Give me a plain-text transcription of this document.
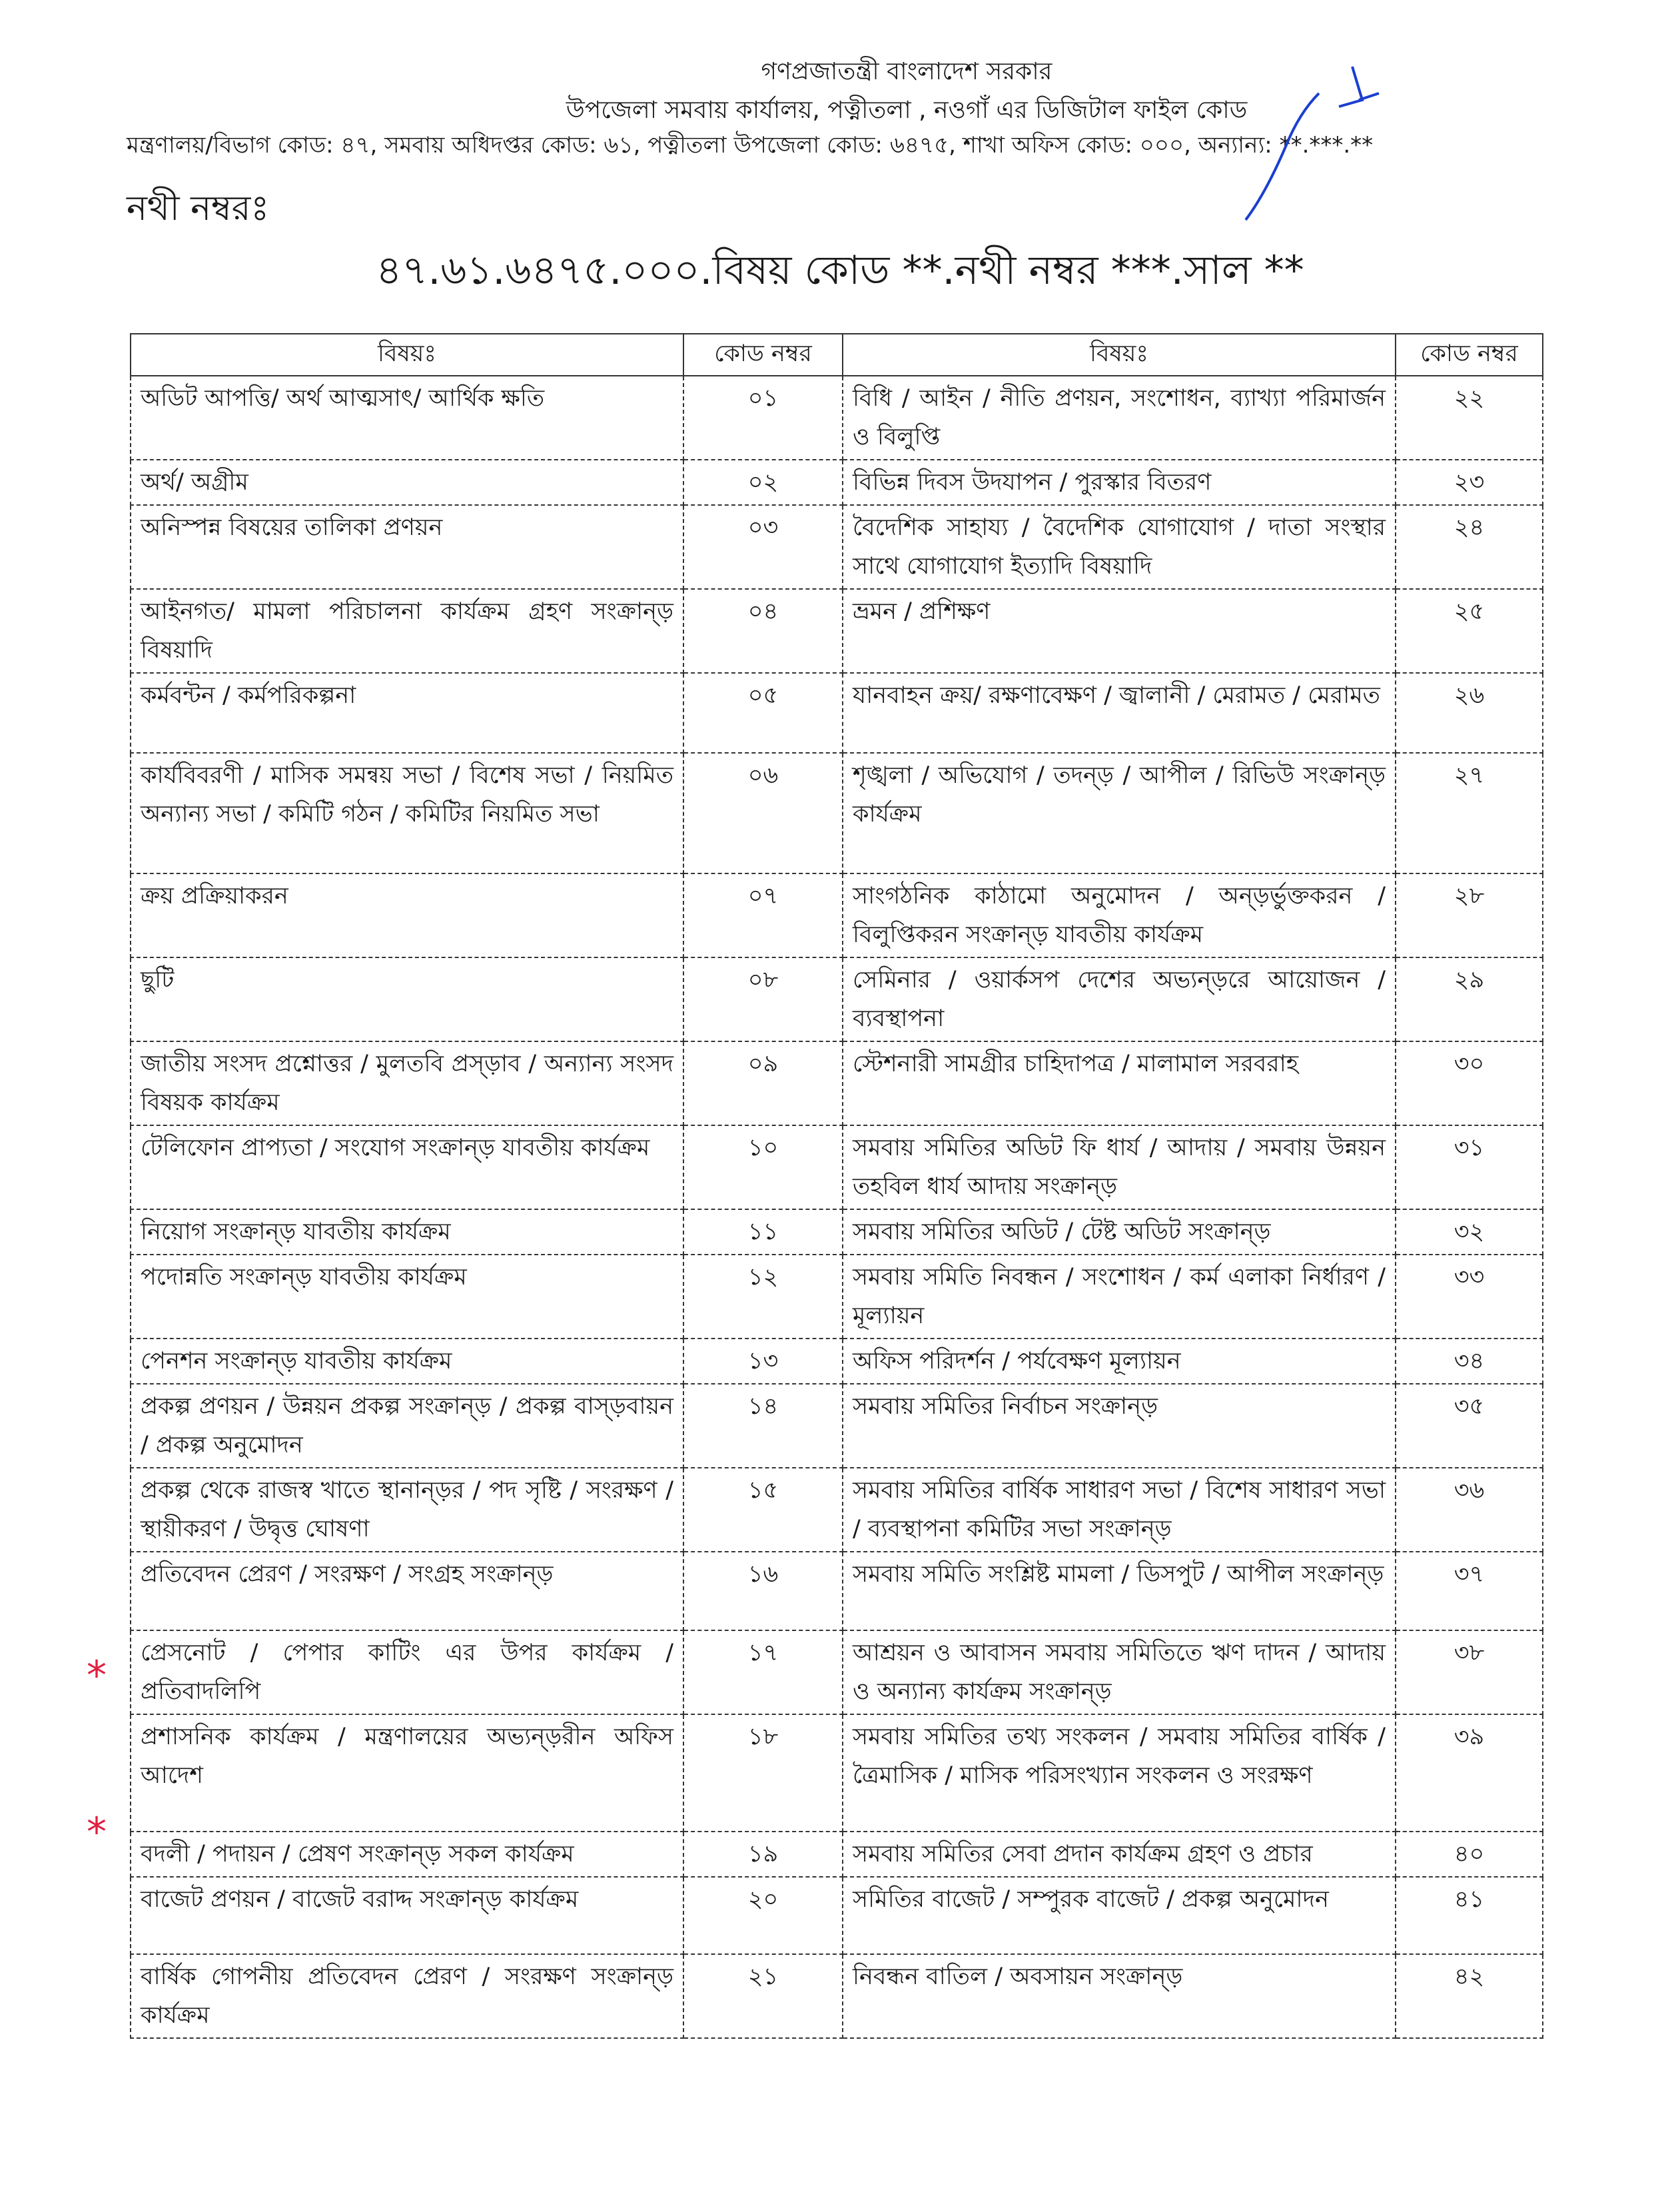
গণপ্রজাতন্ত্রী বাংলাদেশ সরকার
উপজেলা সমবায় কার্যালয়, পত্নীতলা , নওগাঁ এর ডিজিটাল ফাইল কোড
মন্ত্রণালয়/বিভাগ কোড: ৪৭, সমবায় অধিদপ্তর কোড: ৬১, পত্নীতলা উপজেলা কোড: ৬৪৭৫, শাখা অফিস কোড: ০০০, অন্যান্য: **.***.**
নথী নম্বরঃ
৪৭.৬১.৬৪৭৫.০০০.বিষয় কোড **.নথী নম্বর ***.সাল **
বিষয়ঃ	কোড নম্বর	বিষয়ঃ	কোড নম্বর
অডিট আপত্তি/ অর্থ আত্মসাৎ/ আর্থিক ক্ষতি	০১	বিধি / আইন / নীতি প্রণয়ন, সংশোধন, ব্যাখ্যা পরিমার্জন ও বিলুপ্তি	২২
অর্থ/ অগ্রীম	০২	বিভিন্ন দিবস উদযাপন / পুরস্কার বিতরণ	২৩
অনিস্পন্ন বিষয়ের তালিকা প্রণয়ন	০৩	বৈদেশিক সাহায্য / বৈদেশিক যোগাযোগ / দাতা সংস্থার সাথে যোগাযোগ ইত্যাদি বিষয়াদি	২৪
আইনগত/ মামলা পরিচালনা কার্যক্রম গ্রহণ সংক্রান্ড় বিষয়াদি	০৪	ভ্রমন / প্রশিক্ষণ	২৫
কর্মবন্টন / কর্মপরিকল্পনা	০৫	যানবাহন ক্রয়/ রক্ষণাবেক্ষণ / জ্বালানী / মেরামত / মেরামত	২৬
কার্যবিবরণী / মাসিক সমন্বয় সভা / বিশেষ সভা / নিয়মিত অন্যান্য সভা / কমিটি গঠন / কমিটির নিয়মিত সভা	০৬	শৃঙ্খলা / অভিযোগ / তদন্ড় / আপীল / রিভিউ সংক্রান্ড় কার্যক্রম	২৭
ক্রয় প্রক্রিয়াকরন	০৭	সাংগঠনিক কাঠামো অনুমোদন / অন্ড়র্ভুক্তকরন / বিলুপ্তিকরন সংক্রান্ড় যাবতীয় কার্যক্রম	২৮
ছুটি	০৮	সেমিনার / ওয়ার্কসপ দেশের অভ্যন্ড়রে আয়োজন / ব্যবস্থাপনা	২৯
জাতীয় সংসদ প্রশ্নোত্তর / মুলতবি প্রস্ড়াব / অন্যান্য সংসদ বিষয়ক কার্যক্রম	০৯	স্টেশনারী সামগ্রীর চাহিদাপত্র / মালামাল সরবরাহ	৩০
টেলিফোন প্রাপ্যতা / সংযোগ সংক্রান্ড় যাবতীয় কার্যক্রম	১০	সমবায় সমিতির অডিট ফি ধার্য / আদায় / সমবায় উন্নয়ন তহবিল ধার্য আদায় সংক্রান্ড়	৩১
নিয়োগ সংক্রান্ড় যাবতীয় কার্যক্রম	১১	সমবায় সমিতির অডিট / টেষ্ট অডিট সংক্রান্ড়	৩২
পদোন্নতি সংক্রান্ড় যাবতীয় কার্যক্রম	১২	সমবায় সমিতি নিবন্ধন / সংশোধন / কর্ম এলাকা নির্ধারণ / মূল্যায়ন	৩৩
পেনশন সংক্রান্ড় যাবতীয় কার্যক্রম	১৩	অফিস পরিদর্শন / পর্যবেক্ষণ মূল্যায়ন	৩৪
প্রকল্প প্রণয়ন / উন্নয়ন প্রকল্প সংক্রান্ড় / প্রকল্প বাস্ড়বায়ন / প্রকল্প অনুমোদন	১৪	সমবায় সমিতির নির্বাচন সংক্রান্ড়	৩৫
প্রকল্প থেকে রাজস্ব খাতে স্থানান্ড়র / পদ সৃষ্টি / সংরক্ষণ / স্থায়ীকরণ / উদ্বৃত্ত ঘোষণা	১৫	সমবায় সমিতির বার্ষিক সাধারণ সভা / বিশেষ সাধারণ সভা / ব্যবস্থাপনা কমিটির সভা সংক্রান্ড়	৩৬
প্রতিবেদন প্রেরণ / সংরক্ষণ / সংগ্রহ সংক্রান্ড়	১৬	সমবায় সমিতি সংশ্লিষ্ট মামলা / ডিসপুট / আপীল সংক্রান্ড়	৩৭
প্রেসনোট / পেপার কাটিং এর উপর কার্যক্রম / প্রতিবাদলিপি	১৭	আশ্রয়ন ও আবাসন সমবায় সমিতিতে ঋণ দাদন / আদায় ও অন্যান্য কার্যক্রম সংক্রান্ড়	৩৮
প্রশাসনিক কার্যক্রম / মন্ত্রণালয়ের অভ্যন্ড়রীন অফিস আদেশ	১৮	সমবায় সমিতির তথ্য সংকলন / সমবায় সমিতির বার্ষিক / ত্রৈমাসিক / মাসিক পরিসংখ্যান সংকলন ও সংরক্ষণ	৩৯
বদলী / পদায়ন / প্রেষণ সংক্রান্ড় সকল কার্যক্রম	১৯	সমবায় সমিতির সেবা প্রদান কার্যক্রম গ্রহণ ও প্রচার	৪০
বাজেট প্রণয়ন / বাজেট বরাদ্দ সংক্রান্ড় কার্যক্রম	২০	সমিতির বাজেট / সম্পুরক বাজেট / প্রকল্প অনুমোদন	৪১
বার্ষিক গোপনীয় প্রতিবেদন প্রেরণ / সংরক্ষণ সংক্রান্ড় কার্যক্রম	২১	নিবন্ধন বাতিল / অবসায়ন সংক্রান্ড়	৪২
*
*
